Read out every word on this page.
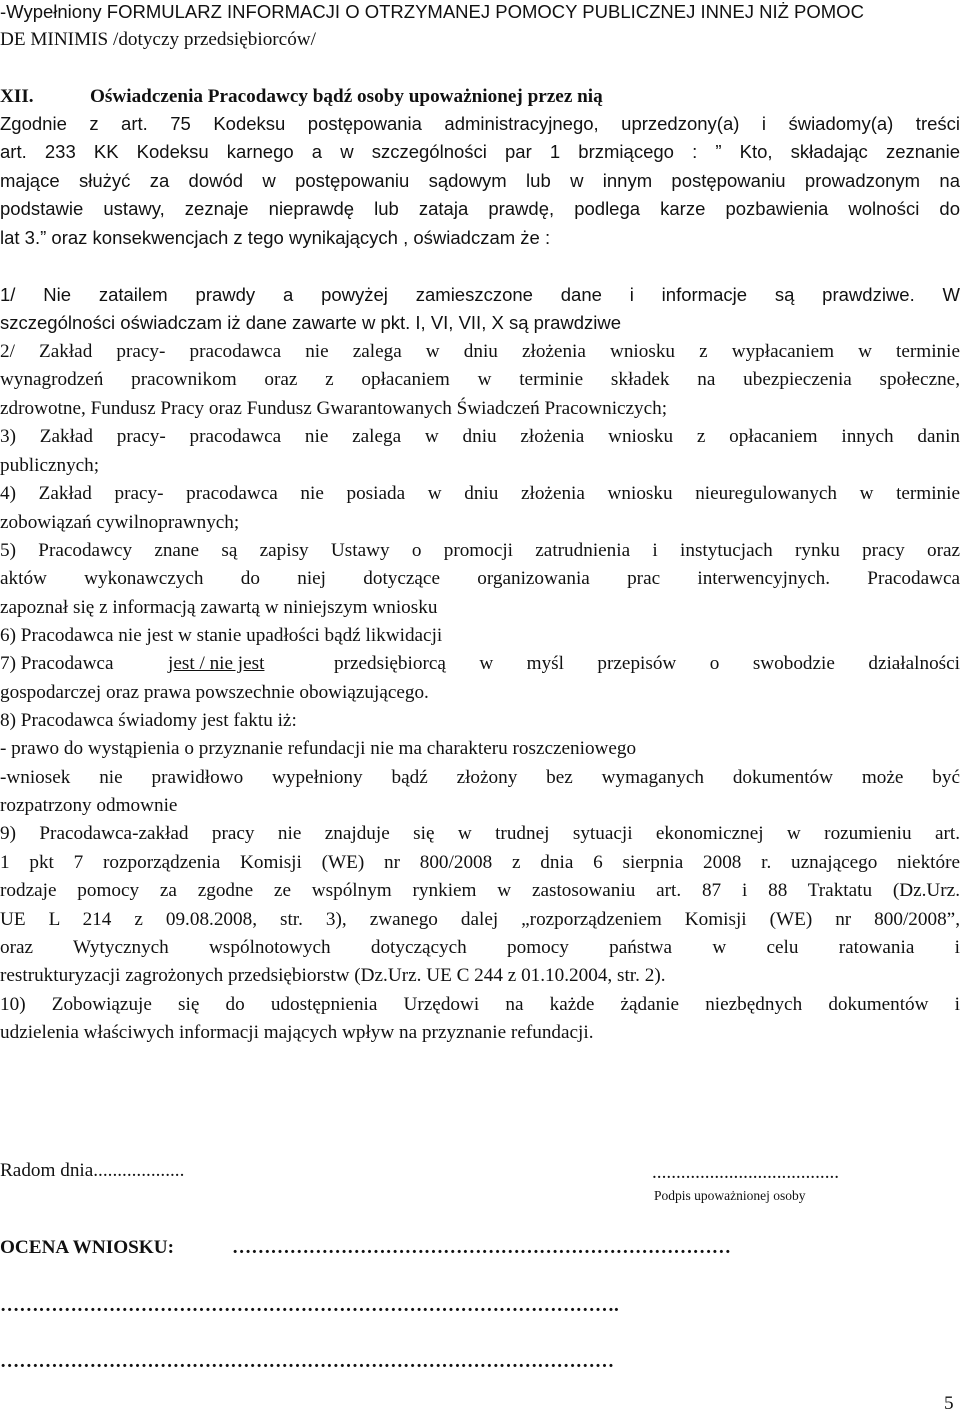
-Wypełniony FORMULARZ INFORMACJI O OTRZYMANEJ POMOCY PUBLICZNEJ INNEJ NIŻ POMOC
DE MINIMIS /dotyczy przedsiębiorców/
XII.	Oświadczenia Pracodawcy bądź osoby upoważnionej przez nią
Zgodnie z art. 75 Kodeksu postępowania administracyjnego, uprzedzony(a) i świadomy(a) treści
art. 233 KK Kodeksu karnego a w szczególności par 1 brzmiącego : ” Kto, składając zeznanie
mające służyć za dowód w postępowaniu sądowym lub w innym postępowaniu prowadzonym na
podstawie ustawy, zeznaje nieprawdę lub zataja prawdę, podlega karze pozbawienia wolności do
lat 3.” oraz konsekwencjach z tego wynikających , oświadczam że :
1/ Nie zatailem prawdy a powyżej zamieszczone dane i informacje są prawdziwe. W
szczególności oświadczam iż dane zawarte w pkt. I, VI, VII, X są prawdziwe
2/ Zakład pracy- pracodawca nie zalega w dniu złożenia wniosku z wypłacaniem w terminie
wynagrodzeń pracownikom oraz z opłacaniem w terminie składek na ubezpieczenia społeczne,
zdrowotne, Fundusz Pracy oraz Fundusz Gwarantowanych Świadczeń Pracowniczych;
3) Zakład pracy- pracodawca nie zalega w dniu złożenia wniosku z opłacaniem innych danin
publicznych;
4) Zakład pracy- pracodawca nie posiada w dniu złożenia wniosku nieuregulowanych w terminie
zobowiązań cywilnoprawnych;
5) Pracodawcy znane są zapisy Ustawy o promocji zatrudnienia i instytucjach rynku pracy oraz
aktów wykonawczych do niej dotyczące organizowania prac interwencyjnych. Pracodawca
zapoznał się z informacją zawartą w niniejszym wniosku
6) Pracodawca nie jest w stanie upadłości bądź likwidacji
7) Pracodawca	jest / nie jest	przedsiębiorcą w myśl przepisów o swobodzie działalności
gospodarczej oraz prawa powszechnie obowiązującego.
8) Pracodawca świadomy jest faktu iż:
- prawo do wystąpienia o przyznanie refundacji nie ma charakteru roszczeniowego
-wniosek nie prawidłowo wypełniony bądź złożony bez wymaganych dokumentów może być
rozpatrzony odmownie
9) Pracodawca-zakład pracy nie znajduje się w trudnej sytuacji ekonomicznej w rozumieniu art.
1 pkt 7 rozporządzenia Komisji (WE) nr 800/2008 z dnia 6 sierpnia 2008 r. uznającego niektóre
rodzaje pomocy za zgodne ze wspólnym rynkiem w zastosowaniu art. 87 i 88 Traktatu (Dz.Urz.
UE L 214 z 09.08.2008, str. 3), zwanego dalej „rozporządzeniem Komisji (WE) nr 800/2008”,
oraz Wytycznych wspólnotowych dotyczących pomocy państwa w celu ratowania i
restrukturyzacji zagrożonych przedsiębiorstw (Dz.Urz. UE C 244 z 01.10.2004, str. 2).
10) Zobowiązuje się do udostępnienia Urzędowi na każde żądanie niezbędnych dokumentów i
udzielenia właściwych informacji mających wpływ na przyznanie refundacji.
Radom dnia...................	.......................................
Podpis upoważnionej osoby
OCENA WNIOSKU:	……………………………………………………………………
…………………………………………………………………………………….
……………………………………………………………………………………
5
